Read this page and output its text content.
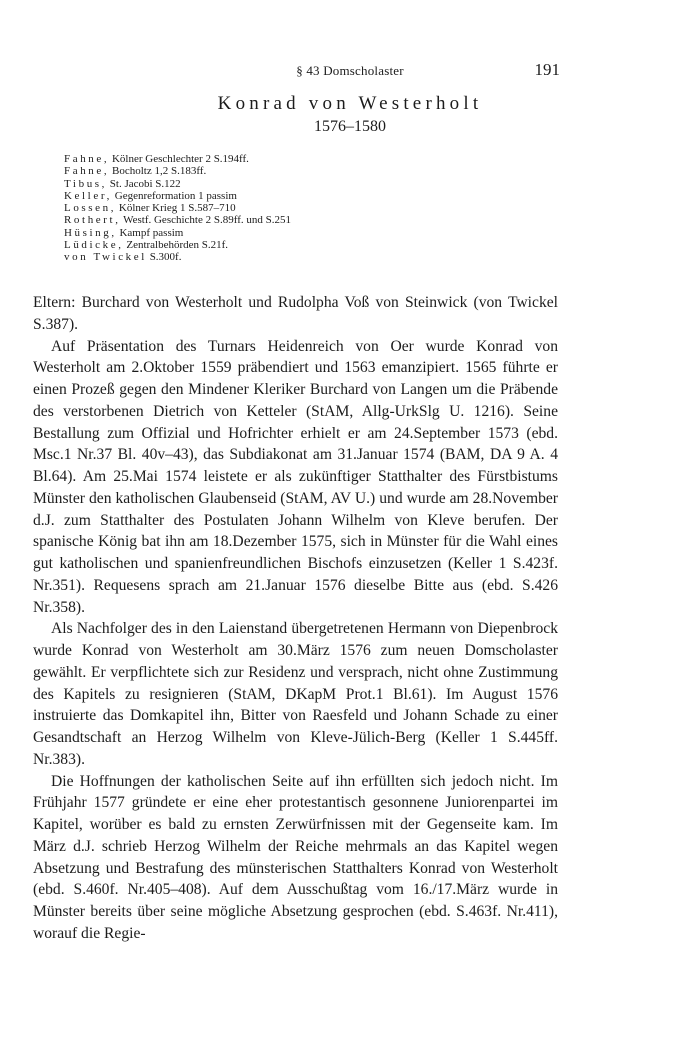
§ 43 Domscholaster	191
Konrad von Westerholt
1576–1580
Fahne, Kölner Geschlechter 2 S.194ff.
Fahne, Bocholtz 1,2 S.183ff.
Tibus, St. Jacobi S.122
Keller, Gegenreformation 1 passim
Lossen, Kölner Krieg 1 S.587–710
Rothert, Westf. Geschichte 2 S.89ff. und S.251
Hüsing, Kampf passim
Lüdicke, Zentralbehörden S.21f.
von Twickel S.300f.

Eltern: Burchard von Westerholt und Rudolpha Voß von Steinwick (von Twickel S.387).

Auf Präsentation des Turnars Heidenreich von Oer wurde Konrad von Westerholt am 2.Oktober 1559 präbendiert und 1563 emanzipiert. 1565 führte er einen Prozeß gegen den Mindener Kleriker Burchard von Langen um die Präbende des verstorbenen Dietrich von Ketteler (StAM, Allg-UrkSlg U. 1216). Seine Bestallung zum Offizial und Hofrichter erhielt er am 24.September 1573 (ebd. Msc.1 Nr.37 Bl. 40v–43), das Subdiakonat am 31.Januar 1574 (BAM, DA 9 A. 4 Bl.64). Am 25.Mai 1574 leistete er als zukünftiger Statthalter des Fürstbistums Münster den katholischen Glaubenseid (StAM, AV U.) und wurde am 28.November d.J. zum Statthalter des Postulaten Johann Wilhelm von Kleve berufen. Der spanische König bat ihn am 18.Dezember 1575, sich in Münster für die Wahl eines gut katholischen und spanienfreundlichen Bischofs einzusetzen (Keller 1 S.423f. Nr.351). Requesens sprach am 21.Januar 1576 dieselbe Bitte aus (ebd. S.426 Nr.358).

Als Nachfolger des in den Laienstand übergetretenen Hermann von Diepenbrock wurde Konrad von Westerholt am 30.März 1576 zum neuen Domscholaster gewählt. Er verpflichtete sich zur Residenz und versprach, nicht ohne Zustimmung des Kapitels zu resignieren (StAM, DKapM Prot.1 Bl.61). Im August 1576 instruierte das Domkapitel ihn, Bitter von Raesfeld und Johann Schade zu einer Gesandtschaft an Herzog Wilhelm von Kleve-Jülich-Berg (Keller 1 S.445ff. Nr.383).

Die Hoffnungen der katholischen Seite auf ihn erfüllten sich jedoch nicht. Im Frühjahr 1577 gründete er eine eher protestantisch gesonnene Juniorenpartei im Kapitel, worüber es bald zu ernsten Zerwürfnissen mit der Gegenseite kam. Im März d.J. schrieb Herzog Wilhelm der Reiche mehrmals an das Kapitel wegen Absetzung und Bestrafung des münsterischen Statthalters Konrad von Westerholt (ebd. S.460f. Nr.405–408). Auf dem Ausschußtag vom 16./17.März wurde in Münster bereits über seine mögliche Absetzung gesprochen (ebd. S.463f. Nr.411), worauf die Regie-
